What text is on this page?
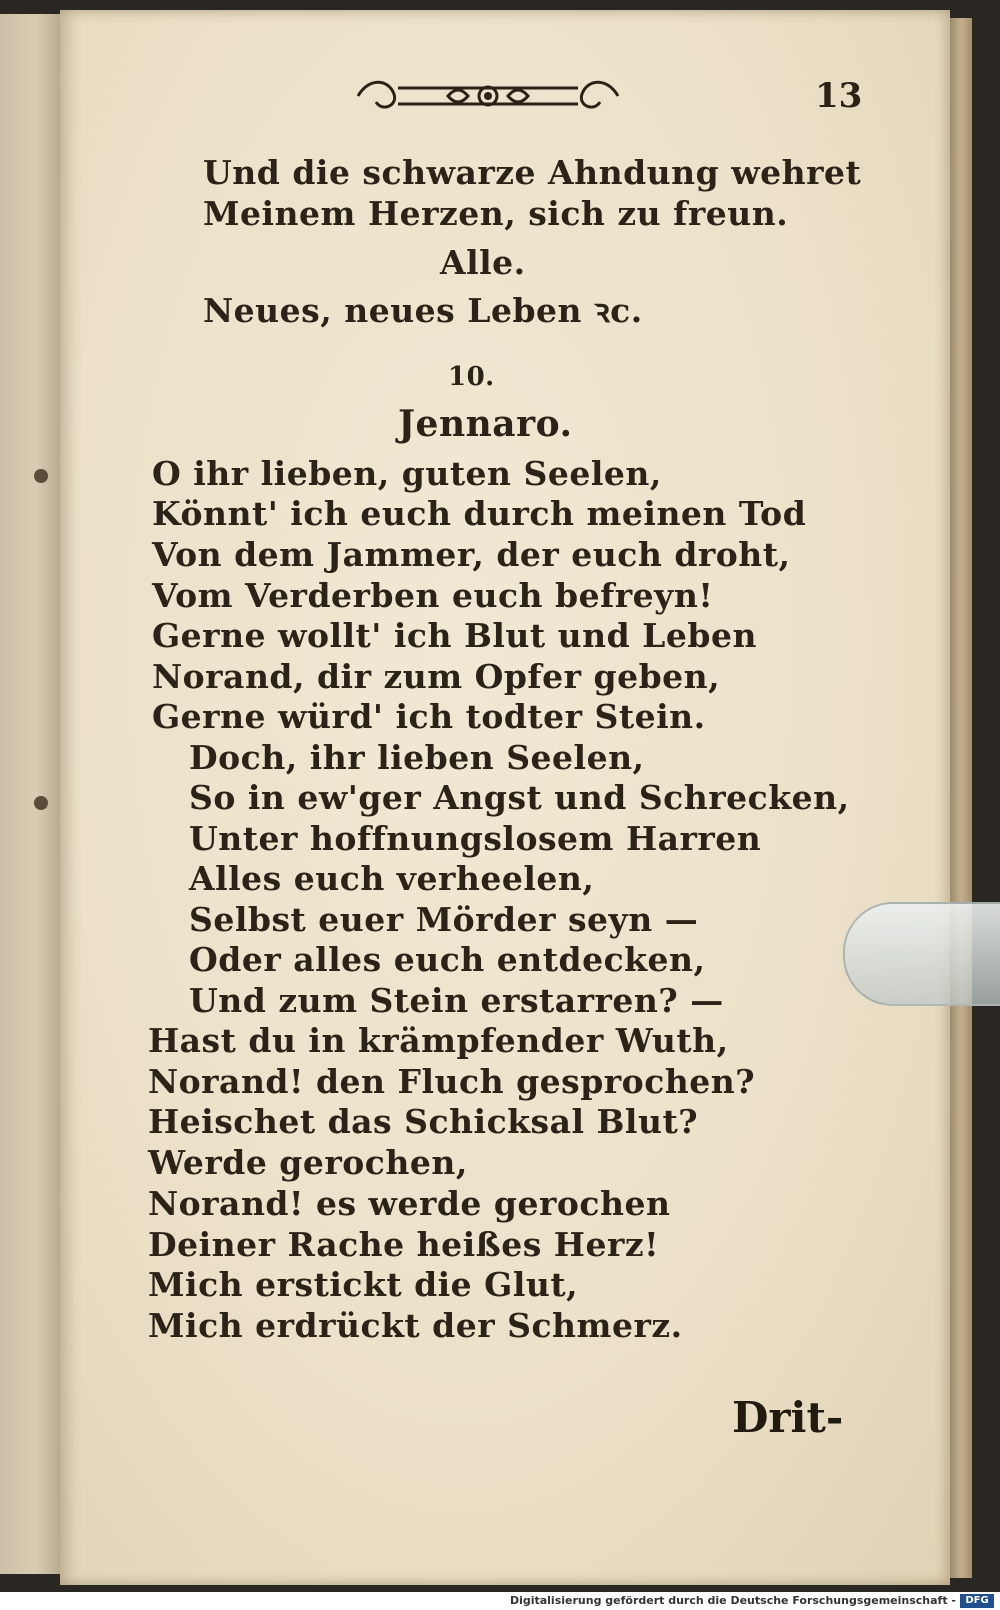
13
Und die schwarze Ahndung wehret
Meinem Herzen, sich zu freun.
Alle.
Neues, neues Leben ꝛc.
10.
Jennaro.
O ihr lieben, guten Seelen,
Könnt' ich euch durch meinen Tod
Von dem Jammer, der euch droht,
Vom Verderben euch befreyn!
Gerne wollt' ich Blut und Leben
Norand, dir zum Opfer geben,
Gerne würd' ich todter Stein.
Doch, ihr lieben Seelen,
So in ew'ger Angst und Schrecken,
Unter hoffnungslosem Harren
Alles euch verheelen,
Selbst euer Mörder seyn —
Oder alles euch entdecken,
Und zum Stein erstarren? —
Hast du in krämpfender Wuth,
Norand! den Fluch gesprochen?
Heischet das Schicksal Blut?
Werde gerochen,
Norand! es werde gerochen
Deiner Rache heißes Herz!
Mich erstickt die Glut,
Mich erdrückt der Schmerz.
Drit-
Digitalisierung gefördert durch die Deutsche Forschungsgemeinschaft - DFG
